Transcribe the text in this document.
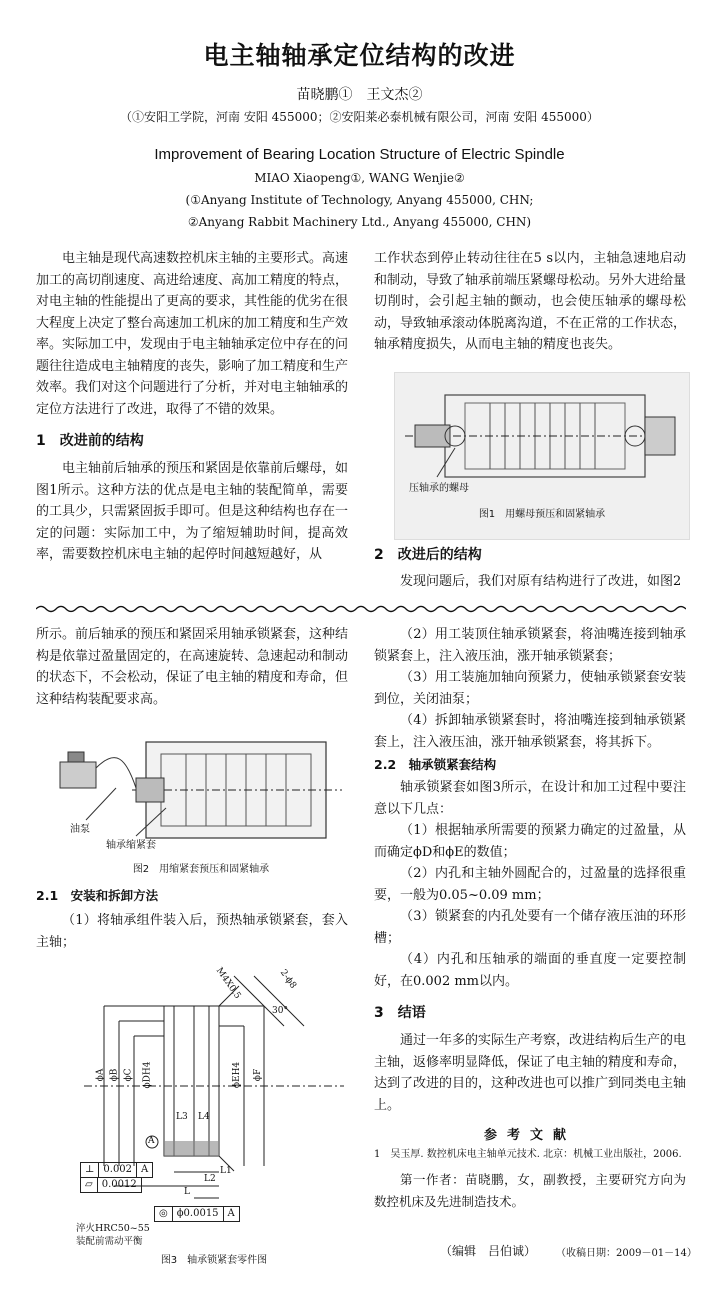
电主轴轴承定位结构的改进
苗晓鹏①　王文杰②
（①安阳工学院，河南 安阳 455000；②安阳莱必泰机械有限公司，河南 安阳 455000）
Improvement of Bearing Location Structure of Electric Spindle
MIAO Xiaopeng①, WANG Wenjie②
(①Anyang Institute of Technology, Anyang 455000, CHN;
②Anyang Rabbit Machinery Ltd., Anyang 455000, CHN)

电主轴是现代高速数控机床主轴的主要形式。高速加工的高切削速度、高进给速度、高加工精度的特点，对电主轴的性能提出了更高的要求，其性能的优劣在很大程度上决定了整台高速加工机床的加工精度和生产效率。实际加工中，发现由于电主轴轴承定位中存在的问题往往造成电主轴精度的丧失，影响了加工精度和生产效率。我们对这个问题进行了分析，并对电主轴轴承的定位方法进行了改进，取得了不错的效果。

1　改进前的结构

电主轴前后轴承的预压和紧固是依靠前后螺母，如图1所示。这种方法的优点是电主轴的装配简单，需要的工具少，只需紧固扳手即可。但是这种结构也存在一定的问题：实际加工中，为了缩短辅助时间，提高效率，需要数控机床电主轴的起停时间越短越好，从

工作状态到停止转动往往在5 s以内，主轴急速地启动和制动，导致了轴承前端压紧螺母松动。另外大进给量切削时，会引起主轴的颤动，也会使压轴承的螺母松动，导致轴承滚动体脱离沟道，不在正常的工作状态，轴承精度损失，从而电主轴的精度也丧失。

压轴承的螺母
图1　用螺母预压和固紧轴承

2　改进后的结构

发现问题后，我们对原有结构进行了改进，如图2

所示。前后轴承的预压和紧固采用轴承锁紧套，这种结构是依靠过盈量固定的，在高速旋转、急速起动和制动的状态下，不会松动，保证了电主轴的精度和寿命，但这种结构装配要求高。

油泵
轴承缩紧套
图2　用缩紧套预压和固紧轴承

2.1　安装和拆卸方法

（1）将轴承组件装入后，预热轴承锁紧套，套入主轴；

M4X0.5	2-ϕ8
30°
ϕA ϕB ϕC ϕDH4	ϕEH4 ϕF
L3 L4
L1
L
L2
A
⊥ 0.002 A
▱ 0.0012
◎ ϕ0.0015 A
淬火HRC50~55
装配前需动平衡
图3　轴承锁紧套零件图

（2）用工装顶住轴承锁紧套，将油嘴连接到轴承锁紧套上，注入液压油，涨开轴承锁紧套；

（3）用工装施加轴向预紧力，使轴承锁紧套安装到位，关闭油泵；

（4）拆卸轴承锁紧套时，将油嘴连接到轴承锁紧套上，注入液压油，涨开轴承锁紧套，将其拆下。

2.2　轴承锁紧套结构

轴承锁紧套如图3所示，在设计和加工过程中要注意以下几点：

（1）根据轴承所需要的预紧力确定的过盈量，从而确定ϕD和ϕE的数值；

（2）内孔和主轴外圆配合的，过盈量的选择很重要，一般为0.05~0.09 mm；

（3）锁紧套的内孔处要有一个储存液压油的环形槽；

（4）内孔和压轴承的端面的垂直度一定要控制好，在0.002 mm以内。

3　结语

通过一年多的实际生产考察，改进结构后生产的电主轴，返修率明显降低，保证了电主轴的精度和寿命，达到了改进的目的，这种改进也可以推广到同类电主轴上。

参考文献

1　吴玉厚. 数控机床电主轴单元技术. 北京：机械工业出版社，2006.

第一作者：苗晓鹏，女，副教授，主要研究方向为数控机床及先进制造技术。

（编辑　吕伯诚） （收稿日期：2009－01－14）
